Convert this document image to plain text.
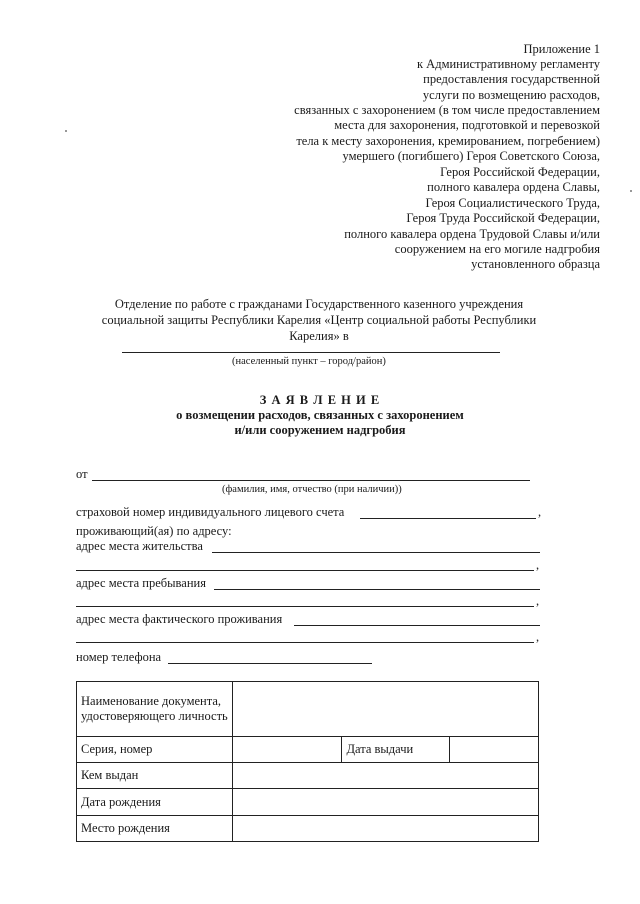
Приложение 1
к Административному регламенту
предоставления государственной
услуги по возмещению расходов,
связанных с захоронением (в том числе предоставлением
места для захоронения, подготовкой и перевозкой
тела к месту захоронения, кремированием, погребением)
умершего (погибшего) Героя Советского Союза,
Героя Российской Федерации,
полного кавалера ордена Славы,
Героя Социалистического Труда,
Героя Труда Российской Федерации,
полного кавалера ордена Трудовой Славы и/или
сооружением на его могиле надгробия
установленного образца
Отделение по работе с гражданами Государственного казенного учреждения
социальной защиты Республики Карелия «Центр социальной работы Республики
Карелия» в
(населенный пункт – город/район)
З А Я В Л Е Н И Е
о возмещении расходов, связанных с захоронением
и/или сооружением надгробия
от
(фамилия, имя, отчество (при наличии))
страховой номер индивидуального лицевого счета	,
проживающий(ая) по адресу:
адрес места жительства
,
адрес места пребывания
,
адрес места фактического проживания
,
номер телефона
Наименование документа, удостоверяющего личность			
Серия, номер		Дата выдачи	
Кем выдан			
Дата рождения			
Место рождения			
